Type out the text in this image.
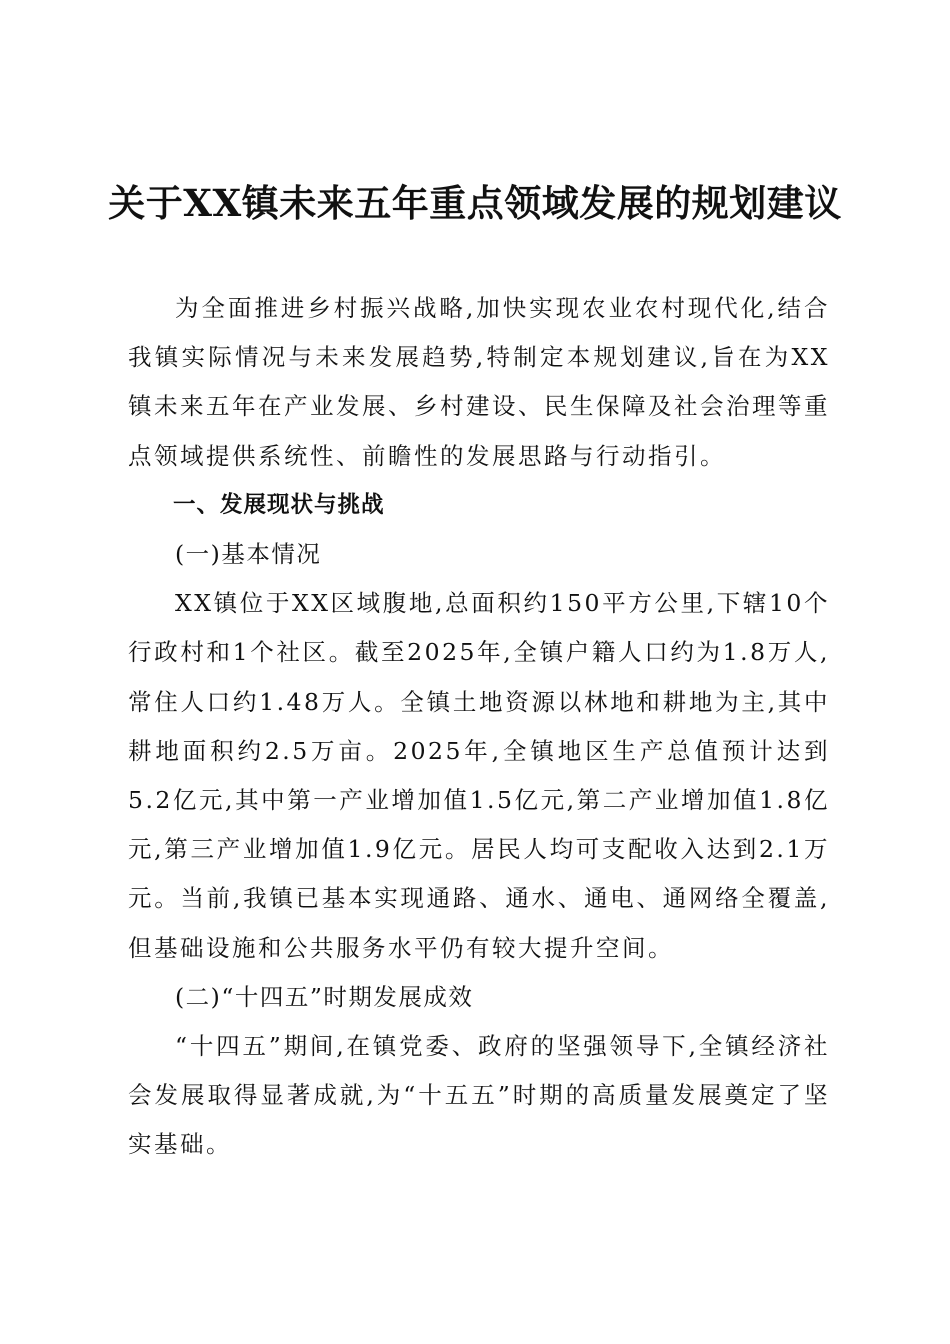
关于XX镇未来五年重点领域发展的规划建议

为全面推进乡村振兴战略,加快实现农业农村现代化,结合我镇实际情况与未来发展趋势,特制定本规划建议,旨在为XX镇未来五年在产业发展、乡村建设、民生保障及社会治理等重点领域提供系统性、前瞻性的发展思路与行动指引。

一、发展现状与挑战

(一)基本情况

XX镇位于XX区域腹地,总面积约150平方公里,下辖10个行政村和1个社区。截至2025年,全镇户籍人口约为1.8万人,常住人口约1.48万人。全镇土地资源以林地和耕地为主,其中耕地面积约2.5万亩。2025年,全镇地区生产总值预计达到5.2亿元,其中第一产业增加值1.5亿元,第二产业增加值1.8亿元,第三产业增加值1.9亿元。居民人均可支配收入达到2.1万元。当前,我镇已基本实现通路、通水、通电、通网络全覆盖,但基础设施和公共服务水平仍有较大提升空间。

(二)“十四五”时期发展成效

“十四五”期间,在镇党委、政府的坚强领导下,全镇经济社会发展取得显著成就,为“十五五”时期的高质量发展奠定了坚实基础。
